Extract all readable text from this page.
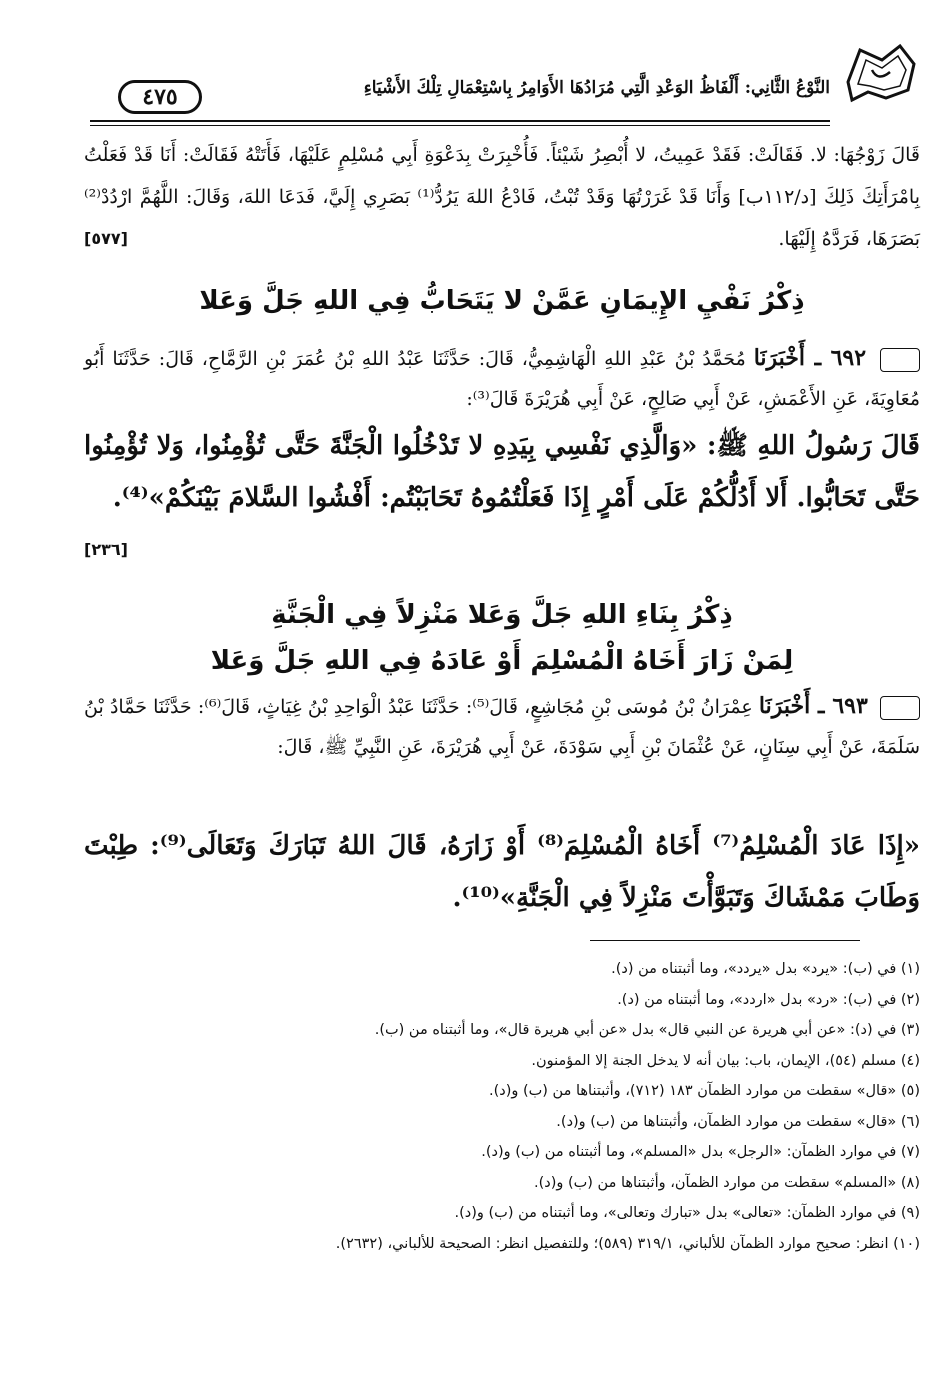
النَّوْعُ الثَّانِي: أَلْفَاظُ الوَعْدِ الَّتِي مُرَادُهَا الأَوَامِرُ بِاسْتِعْمَالِ تِلْكَ الأَشْيَاءِ
٤٧٥
قَالَ زَوْجُهَا: لا. فَقَالَتْ: فَقَدْ عَمِيتُ، لا أُبْصِرُ شَيْئاً. فَأُخْبِرَتْ بِدَعْوَةِ أَبِي مُسْلِمٍ عَلَيْهَا، فَأَتَتْهُ فَقَالَتْ: أَنَا قَدْ فَعَلْتُ بِامْرَأَتِكَ ذَلِكَ [د/١١٢ب] وَأَنَا قَدْ غَرَرْتُهَا وَقَدْ تُبْتُ، فَادْعُ اللهَ يَرُدُّ⁽¹⁾ بَصَرِي إِلَيَّ، فَدَعَا اللهَ، وَقَالَ: اللَّهُمَّ ارْدُدْ⁽²⁾ بَصَرَهَا، فَرَدَّهُ إِلَيْهَا.
[٥٧٧]
ذِكْرُ نَفْيِ الإِيمَانِ عَمَّنْ لا يَتَحَابُّ فِي اللهِ جَلَّ وَعَلا
٦٩٢ ـ أَخْبَرَنَا مُحَمَّدُ بْنُ عَبْدِ اللهِ الْهَاشِمِيُّ، قَالَ: حَدَّثَنَا عَبْدُ اللهِ بْنُ عُمَرَ بْنِ الرَّمَّاحِ، قَالَ: حَدَّثَنَا أَبُو مُعَاوِيَةَ، عَنِ الأَعْمَشِ، عَنْ أَبِي صَالِحٍ، عَنْ أَبِي هُرَيْرَةَ قَالَ⁽³⁾:
قَالَ رَسُولُ اللهِ ﷺ: «وَالَّذِي نَفْسِي بِيَدِهِ لا تَدْخُلُوا الْجَنَّةَ حَتَّى تُؤْمِنُوا، وَلا تُؤْمِنُوا حَتَّى تَحَابُّوا. أَلا أَدُلُّكُمْ عَلَى أَمْرٍ إِذَا فَعَلْتُمُوهُ تَحَابَبْتُم: أَفْشُوا السَّلامَ بَيْنَكُمْ»⁽⁴⁾.
[٢٣٦]
ذِكْرُ بِنَاءِ اللهِ جَلَّ وَعَلا مَنْزِلاً فِي الْجَنَّةِ
لِمَنْ زَارَ أَخَاهُ الْمُسْلِمَ أَوْ عَادَهُ فِي اللهِ جَلَّ وَعَلا
٦٩٣ ـ أَخْبَرَنَا عِمْرَانُ بْنُ مُوسَى بْنِ مُجَاشِعٍ، قَالَ⁽⁵⁾: حَدَّثَنَا عَبْدُ الْوَاحِدِ بْنُ غِيَاثٍ، قَالَ⁽⁶⁾: حَدَّثَنَا حَمَّادُ بْنُ سَلَمَةَ، عَنْ أَبِي سِنَانٍ، عَنْ عُثْمَانَ بْنِ أَبِي سَوْدَةَ، عَنْ أَبِي هُرَيْرَةَ، عَنِ النَّبِيِّ ﷺ، قَالَ:
«إِذَا عَادَ الْمُسْلِمُ⁽⁷⁾ أَخَاهُ الْمُسْلِمَ⁽⁸⁾ أَوْ زَارَهُ، قَالَ اللهُ تَبَارَكَ وَتَعَالَى⁽⁹⁾: طِبْتَ وَطَابَ مَمْشَاكَ وَتَبَوَّأْتَ مَنْزِلاً فِي الْجَنَّةِ»⁽¹⁰⁾.
(١) في (ب): «يرد» بدل «يردد»، وما أثبتناه من (د).
(٢) في (ب): «رد» بدل «اردد»، وما أثبتناه من (د).
(٣) في (د): «عن أبي هريرة عن النبي قال» بدل «عن أبي هريرة قال»، وما أثبتناه من (ب).
(٤) مسلم (٥٤)، الإيمان، باب: بيان أنه لا يدخل الجنة إلا المؤمنون.
(٥) «قال» سقطت من موارد الظمآن ١٨٣ (٧١٢)، وأثبتناها من (ب) و(د).
(٦) «قال» سقطت من موارد الظمآن، وأثبتناها من (ب) و(د).
(٧) في موارد الظمآن: «الرجل» بدل «المسلم»، وما أثبتناه من (ب) و(د).
(٨) «المسلم» سقطت من موارد الظمآن، وأثبتناها من (ب) و(د).
(٩) في موارد الظمآن: «تعالى» بدل «تبارك وتعالى»، وما أثبتناه من (ب) و(د).
(١٠) انظر: صحيح موارد الظمآن للألباني، ٣١٩/١ (٥٨٩)؛ وللتفصيل انظر: الصحيحة للألباني، (٢٦٣٢).
